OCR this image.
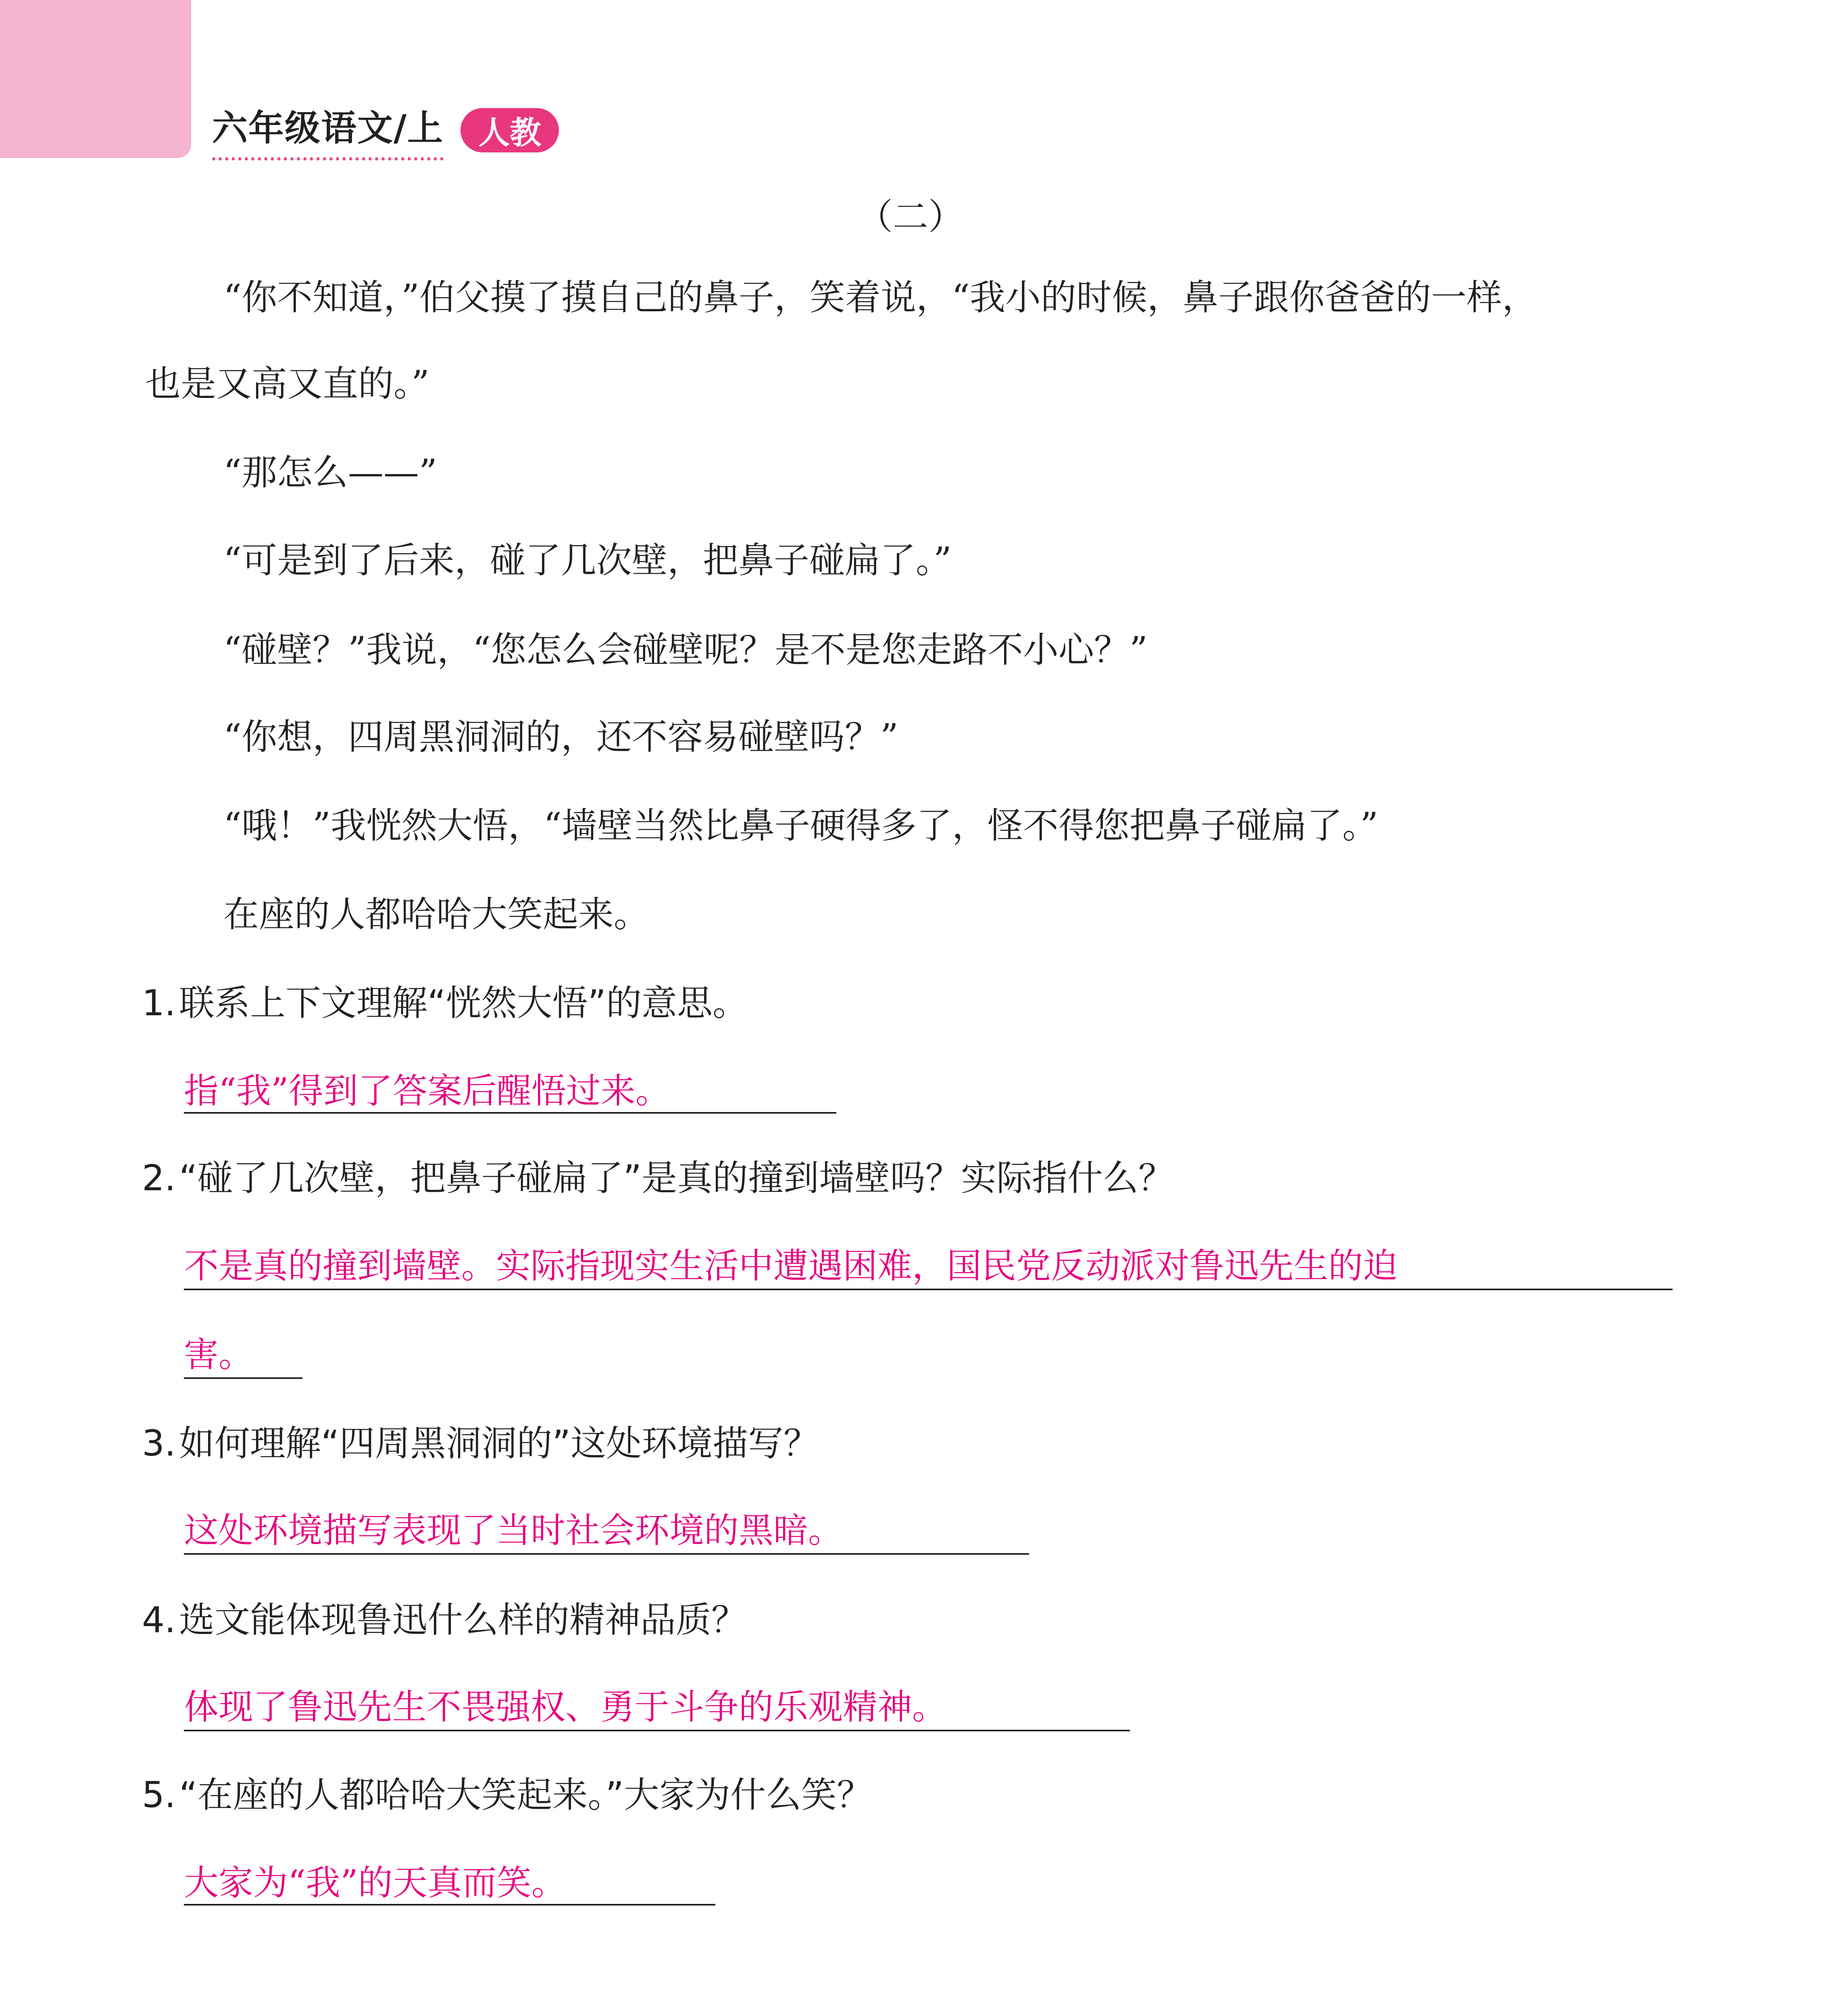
六年级语文/上	人教
（二）
“你不知道，”伯父摸了摸自己的鼻子，笑着说，“我小的时候，鼻子跟你爸爸的一样，
也是又高又直的。”
“那怎么——”
“可是到了后来，碰了几次壁，把鼻子碰扁了。”
“碰壁？”我说，“您怎么会碰壁呢？是不是您走路不小心？”
“你想，四周黑洞洞的，还不容易碰壁吗？”
“哦！”我恍然大悟，“墙壁当然比鼻子硬得多了，怪不得您把鼻子碰扁了。”
在座的人都哈哈大笑起来。
1.联系上下文理解“恍然大悟”的意思。
指“我”得到了答案后醒悟过来。
2.“碰了几次壁，把鼻子碰扁了”是真的撞到墙壁吗？实际指什么？
不是真的撞到墙壁。实际指现实生活中遭遇困难，国民党反动派对鲁迅先生的迫
害。
3.如何理解“四周黑洞洞的”这处环境描写？
这处环境描写表现了当时社会环境的黑暗。
4.选文能体现鲁迅什么样的精神品质？
体现了鲁迅先生不畏强权、勇于斗争的乐观精神。
5.“在座的人都哈哈大笑起来。”大家为什么笑？
大家为“我”的天真而笑。
